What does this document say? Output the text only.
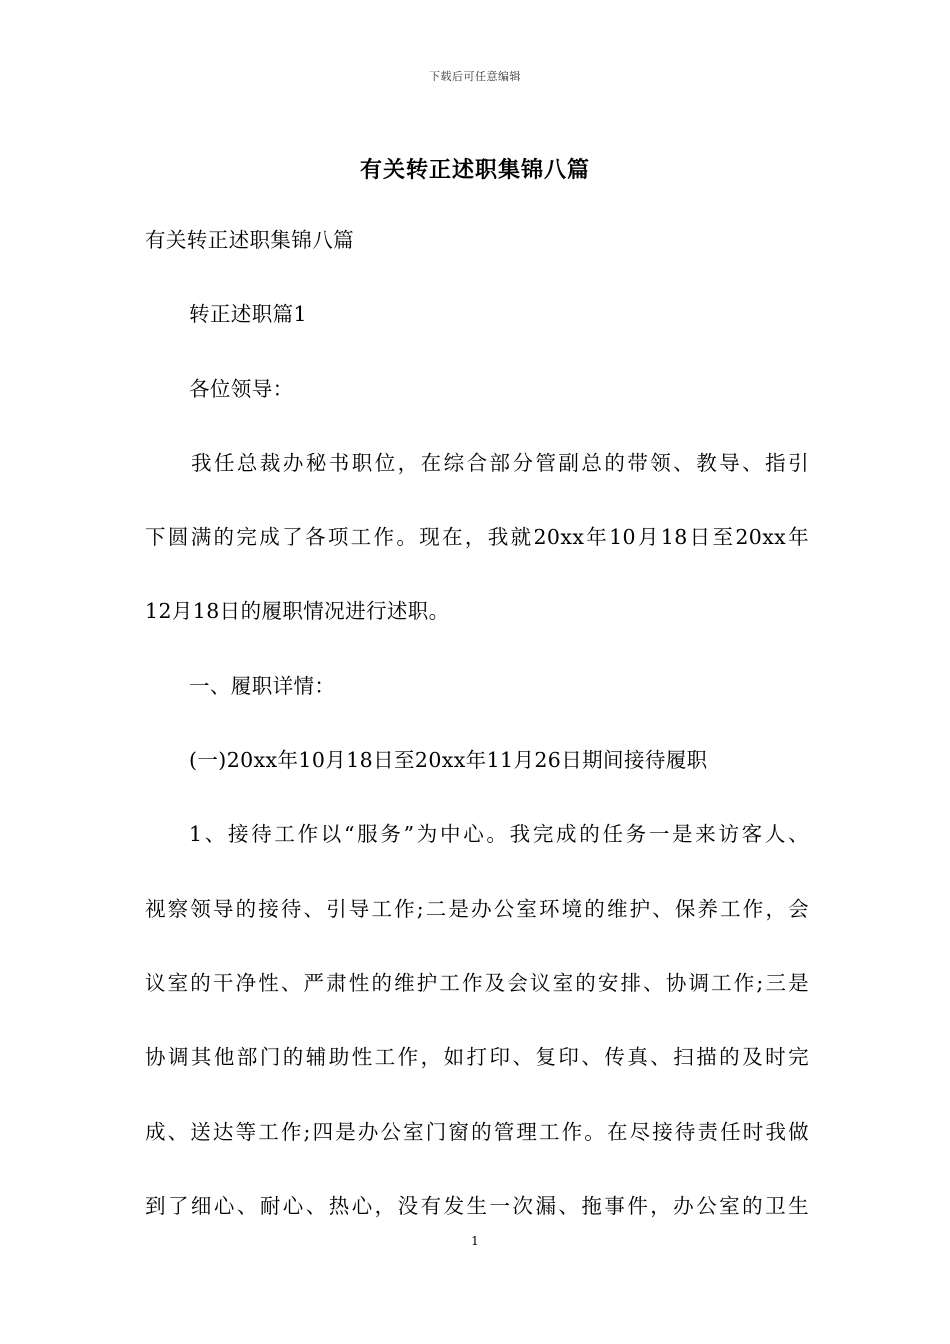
下载后可任意编辑
有关转正述职集锦八篇
有关转正述职集锦八篇
转正述职篇1
各位领导：
我任总裁办秘书职位，在综合部分管副总的带领、教导、指引
下圆满的完成了各项工作。现在，我就20xx年10月18日至20xx年
12月18日的履职情况进行述职。
一、履职详情：
(一)20xx年10月18日至20xx年11月26日期间接待履职
1、接待工作以“服务”为中心。我完成的任务一是来访客人、
视察领导的接待、引导工作;二是办公室环境的维护、保养工作，会
议室的干净性、严肃性的维护工作及会议室的安排、协调工作;三是
协调其他部门的辅助性工作，如打印、复印、传真、扫描的及时完
成、送达等工作;四是办公室门窗的管理工作。在尽接待责任时我做
到了细心、耐心、热心，没有发生一次漏、拖事件，办公室的卫生
1
